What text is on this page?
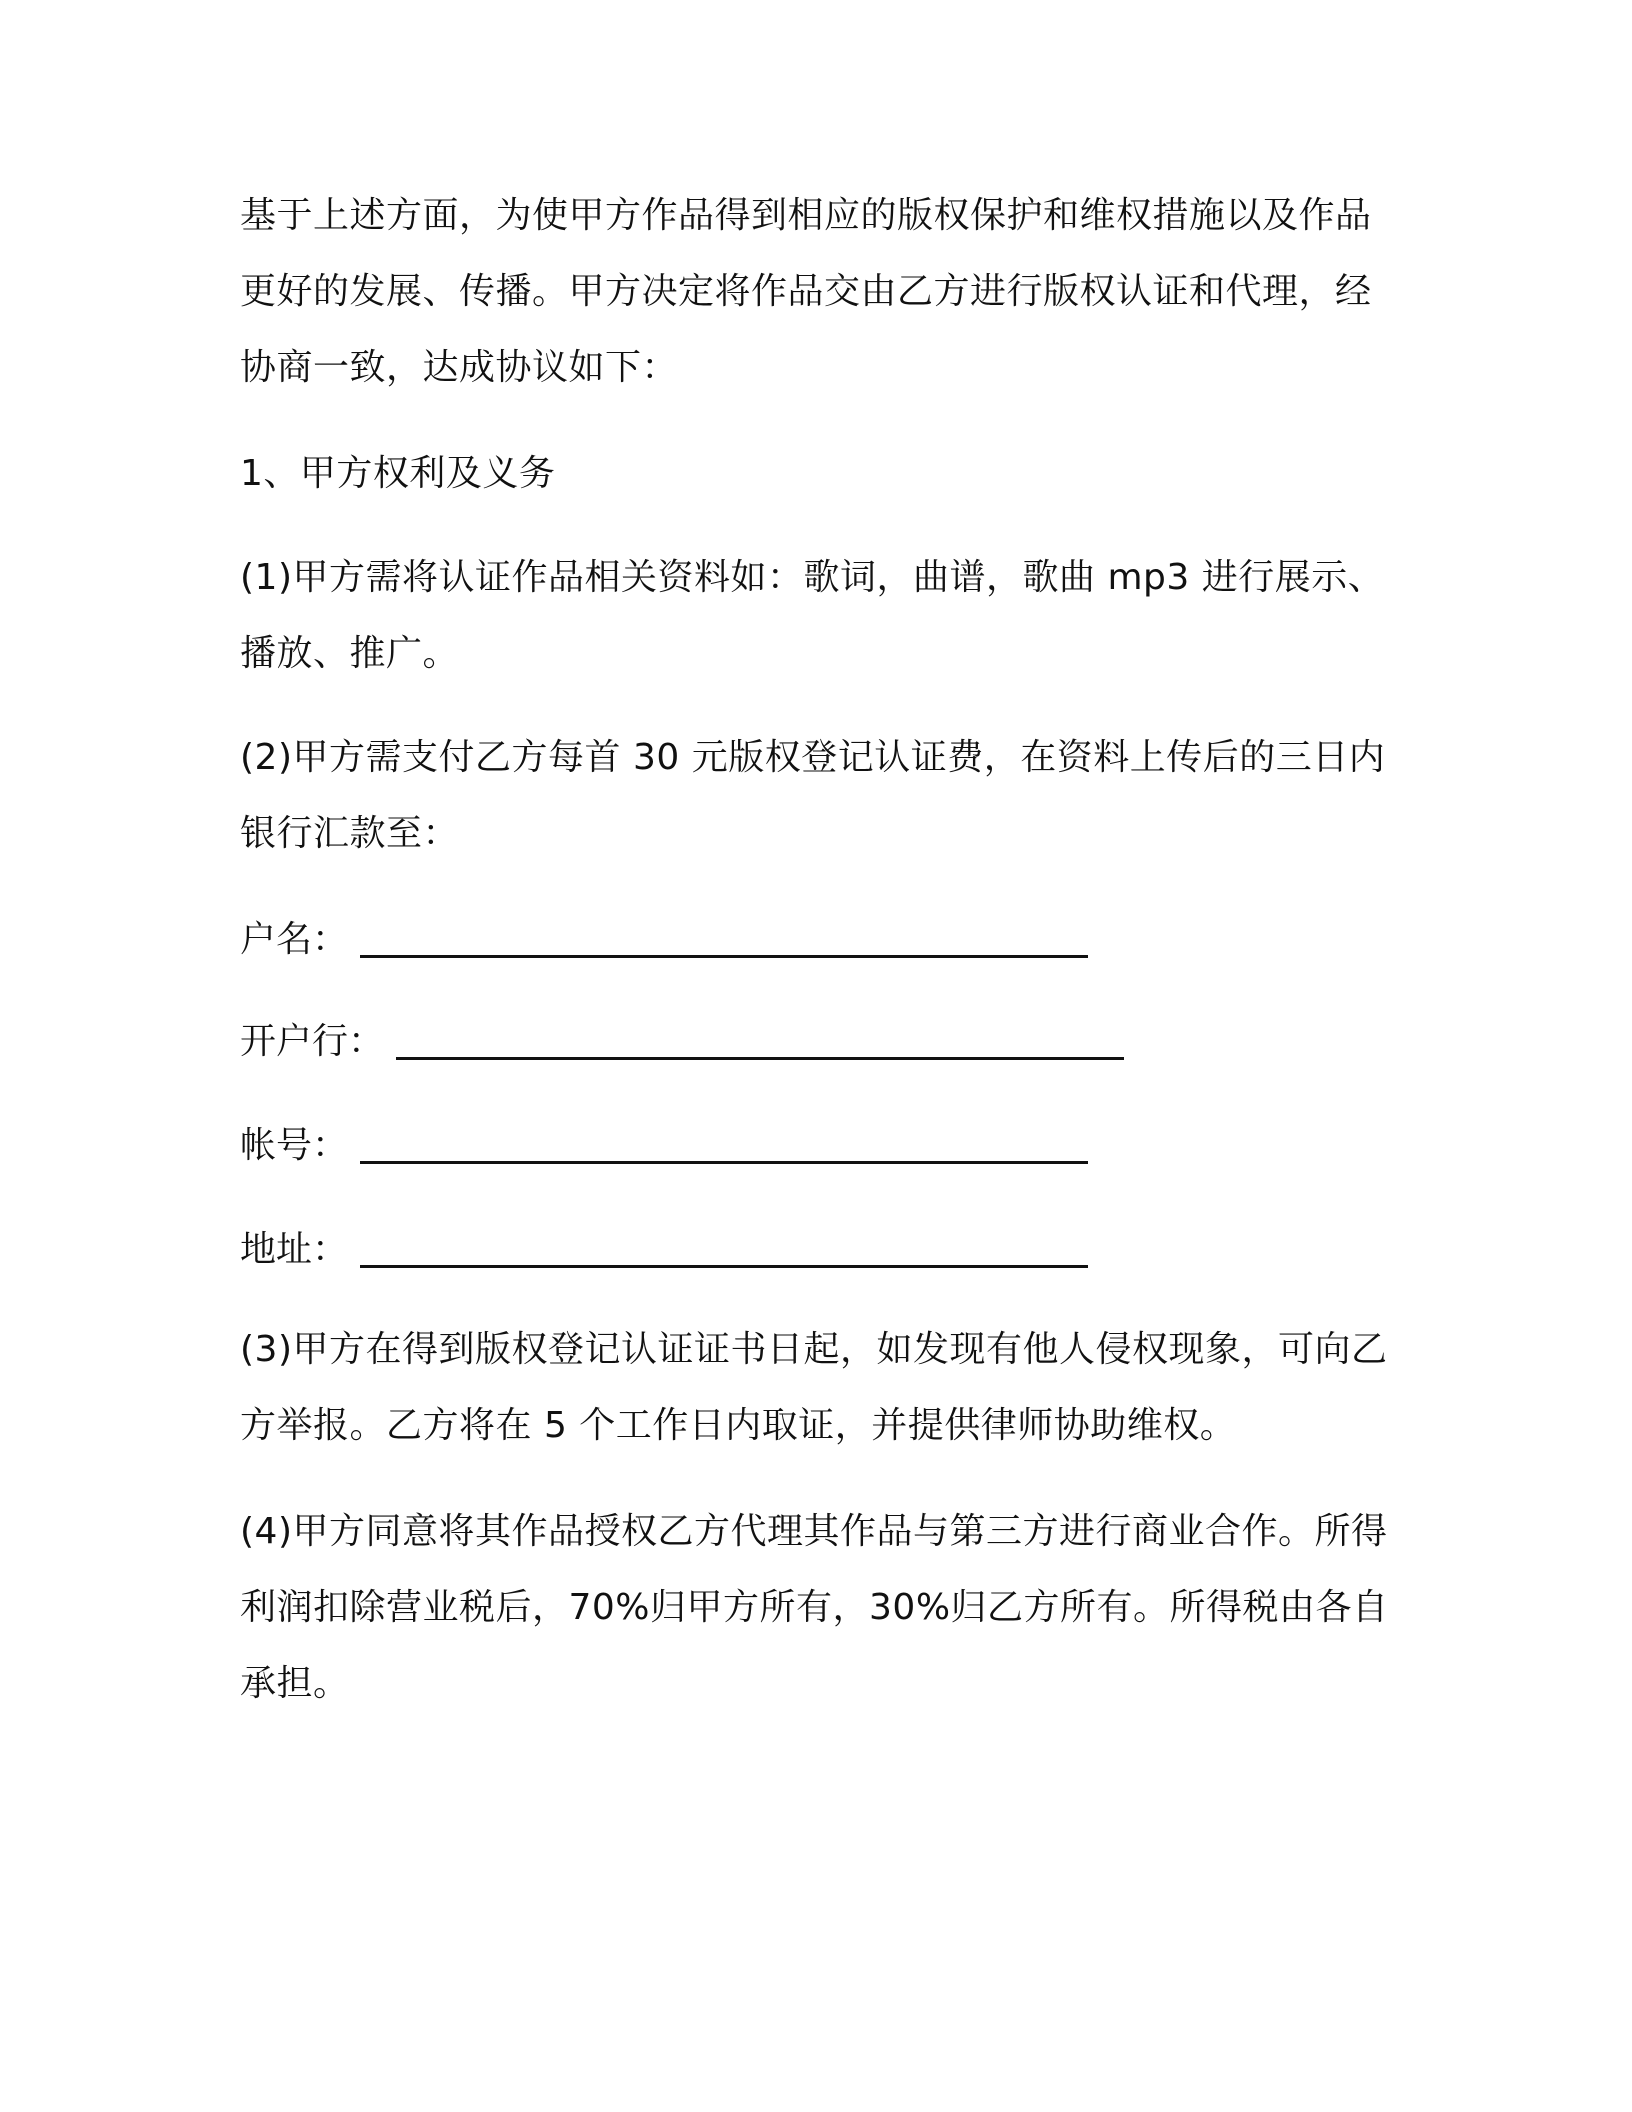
基于上述方面，为使甲方作品得到相应的版权保护和维权措施以及作品更好的发展、传播。甲方决定将作品交由乙方进行版权认证和代理，经协商一致，达成协议如下：

1、甲方权利及义务

(1)甲方需将认证作品相关资料如：歌词，曲谱，歌曲 mp3 进行展示、播放、推广。

(2)甲方需支付乙方每首 30 元版权登记认证费，在资料上传后的三日内银行汇款至：

户名：
开户行：
帐号：
地址：

(3)甲方在得到版权登记认证证书日起，如发现有他人侵权现象，可向乙方举报。乙方将在 5 个工作日内取证，并提供律师协助维权。

(4)甲方同意将其作品授权乙方代理其作品与第三方进行商业合作。所得利润扣除营业税后，70%归甲方所有，30%归乙方所有。所得税由各自承担。
